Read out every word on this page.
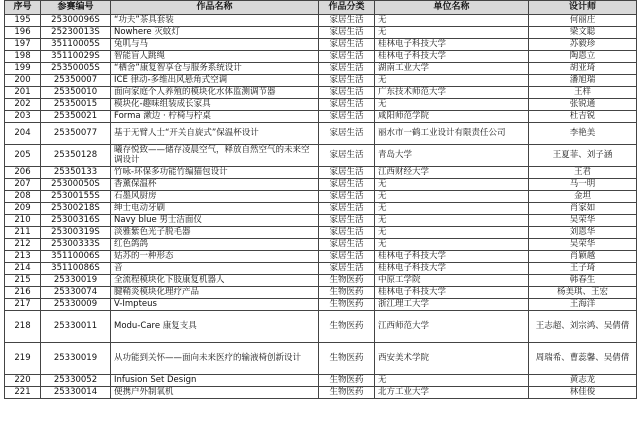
序号	参赛编号	作品名称	作品分类	单位名称	设计师
195	25300096S	“功夫”茶具套装	家居生活	无	何丽庄
196	25230013S	Nowhere 灭蚊灯	家居生活	无	梁文聪
197	35110005S	兔叽与马	家居生活	桂林电子科技大学	苏毅珍
198	35110029S	智能盲人跳绳	家居生活	桂林电子科技大学	陶恩立
199	25350005S	“栖舍”康复智享仓与服务系统设计	家居生活	湖南工业大学	胡亚琦
200	25350007	ICE 律动-多维出风悬角式空调	家居生活	无	潘旭瑞
201	25350010	面向家庭个人养殖的模块化水体监测调节器	家居生活	广东技术师范大学	王样
202	25350015	模块化-趣味组装成长家具	家居生活	无	张锐通
203	25350021	Forma 漱边 · 柠椅与柠桌	家居生活	咸阳师范学院	杜吉锐
204	25350077	基于无臂人士“开关自旋式”保温杯设计	家居生活	丽水市一鹤工业设计有限责任公司	李艳美
205	25350128	曦存悦致——储存凌晨空气，释放自然空气的未来空调设计	家居生活	青岛大学	王夏菲、刘子涵
206	25350133	竹咏-环保多功能竹编猫包设计	家居生活	江西财经大学	王君
207	25300050S	香薰保温杯	家居生活	无	马一明
208	25300155S	石墨风厨房	家居生活	无	金坦
209	25300218S	绅士电动牙刷	家居生活	无	肖家如
210	25300316S	Navy blue 男士洁面仪	家居生活	无	吴荣华
211	25300319S	淡雅紫色光子脱毛器	家居生活	无	刘恩华
212	25300333S	红色鸽鸽	家居生活	无	吴荣华
213	35110006S	姑苏的一种形态	家居生活	桂林电子科技大学	肖颖越
214	35110086S	音	家居生活	桂林电子科技大学	王子琦
215	25330019	全流程模块化下肢康复机器人	生物医药	中原工学院	韩春生
216	25330074	腱鞘炎模块化理疗产品	生物医药	桂林电子科技大学	杨美琪、王宏
217	25330009	V-Impteus	生物医药	浙江理工大学	王海洋
218	25330011	Modu-Care 康复支具	生物医药	江西师范大学	王志超、刘宗鸿、吴倩倩
219	25330019	从功能到关怀——面向未来医疗的输液椅创新设计	生物医药	西安美术学院	周瑞希、曹蕊馨、吴倩倩
220	25330052	Infusion Set Design	生物医药	无	黄志龙
221	25330014	便携户外制氧机	生物医药	北方工业大学	林佳俊
